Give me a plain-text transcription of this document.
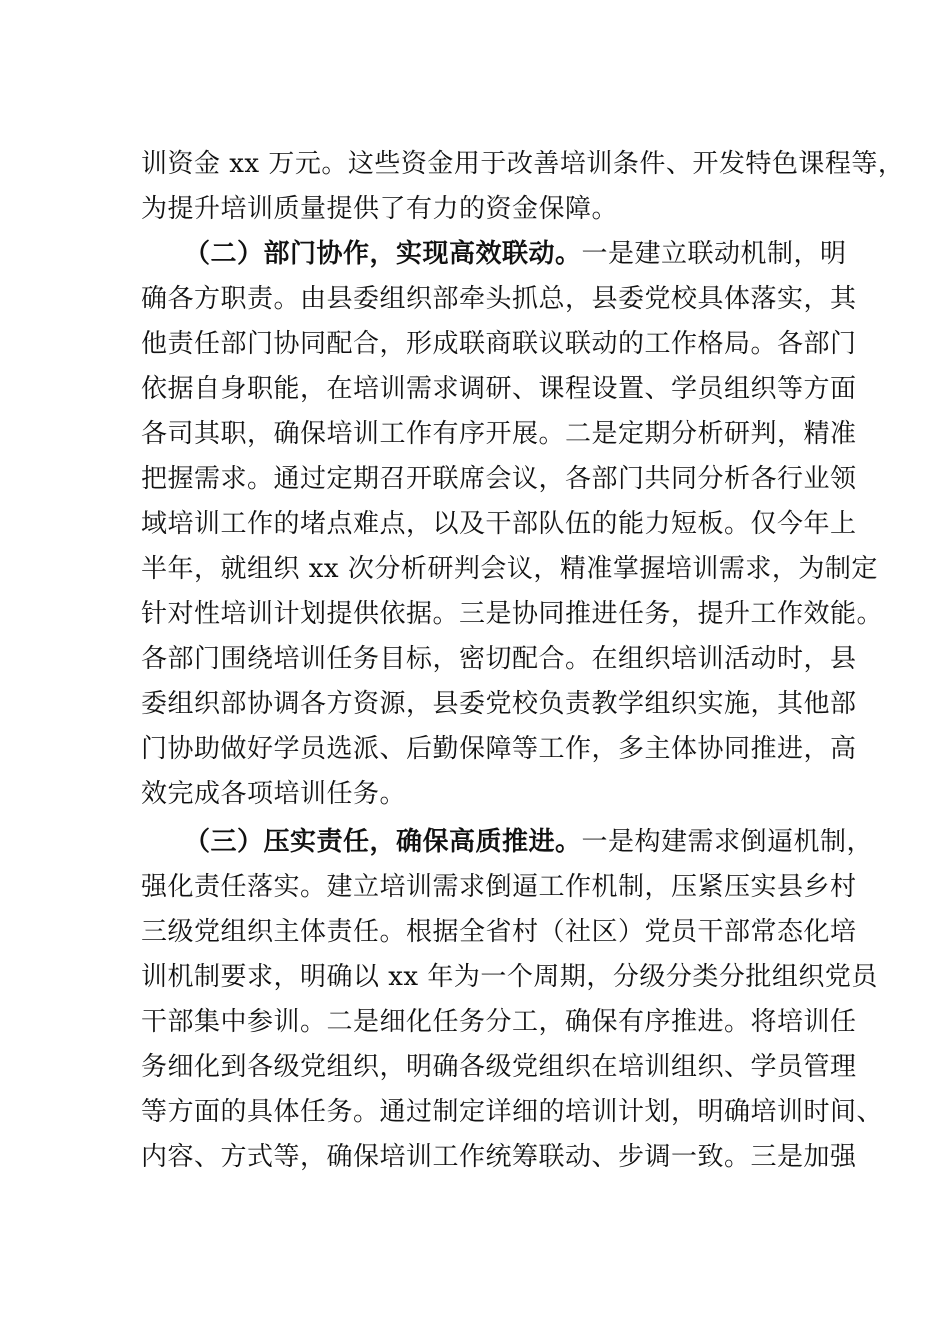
训资金 xx 万元。这些资金用于改善培训条件、开发特色课程等，
为提升培训质量提供了有力的资金保障。
（二）部门协作，实现高效联动。一是建立联动机制，明
确各方职责。由县委组织部牵头抓总，县委党校具体落实，其
他责任部门协同配合，形成联商联议联动的工作格局。各部门
依据自身职能，在培训需求调研、课程设置、学员组织等方面
各司其职，确保培训工作有序开展。二是定期分析研判，精准
把握需求。通过定期召开联席会议，各部门共同分析各行业领
域培训工作的堵点难点，以及干部队伍的能力短板。仅今年上
半年，就组织 xx 次分析研判会议，精准掌握培训需求，为制定
针对性培训计划提供依据。三是协同推进任务，提升工作效能。
各部门围绕培训任务目标，密切配合。在组织培训活动时，县
委组织部协调各方资源，县委党校负责教学组织实施，其他部
门协助做好学员选派、后勤保障等工作，多主体协同推进，高
效完成各项培训任务。
（三）压实责任，确保高质推进。一是构建需求倒逼机制，
强化责任落实。建立培训需求倒逼工作机制，压紧压实县乡村
三级党组织主体责任。根据全省村（社区）党员干部常态化培
训机制要求，明确以 xx 年为一个周期，分级分类分批组织党员
干部集中参训。二是细化任务分工，确保有序推进。将培训任
务细化到各级党组织，明确各级党组织在培训组织、学员管理
等方面的具体任务。通过制定详细的培训计划，明确培训时间、
内容、方式等，确保培训工作统筹联动、步调一致。三是加强
